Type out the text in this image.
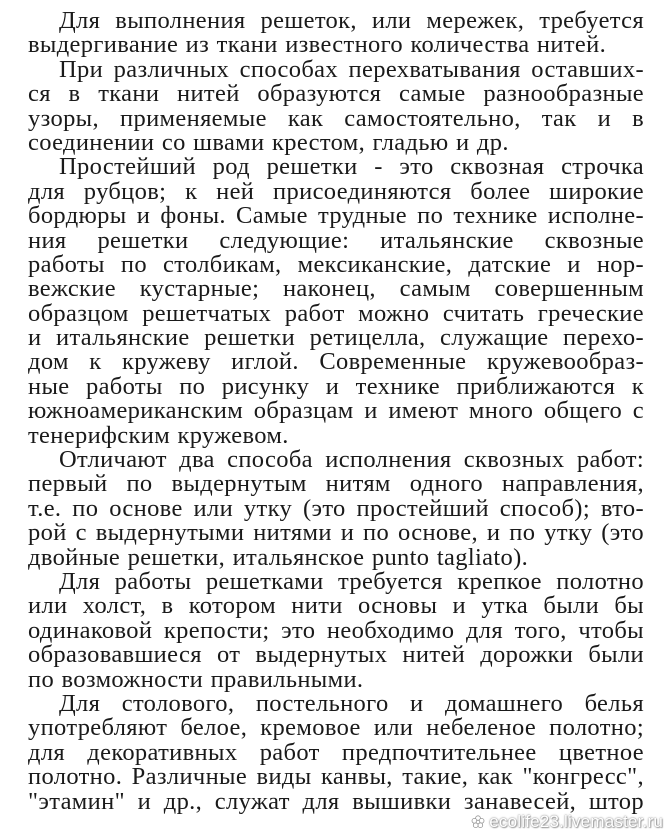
Для выполнения решеток, или мережек, требуется
выдергивание из ткани известного количества нитей.
При различных способах перехватывания оставших-
ся в ткани нитей образуются самые разнообразные
узоры, применяемые как самостоятельно, так и в
соединении со швами крестом, гладью и др.
Простейший род решетки - это сквозная строчка
для рубцов; к ней присоединяются более широкие
бордюры и фоны. Самые трудные по технике исполне-
ния решетки следующие: итальянские сквозные
работы по столбикам, мексиканские, датские и нор-
вежские кустарные; наконец, самым совершенным
образцом решетчатых работ можно считать греческие
и итальянские решетки ретицелла, служащие перехо-
дом к кружеву иглой. Современные кружевообраз-
ные работы по рисунку и технике приближаются к
южноамериканским образцам и имеют много общего с
тенерифским кружевом.
Отличают два способа исполнения сквозных работ:
первый по выдернутым нитям одного направления,
т.е. по основе или утку (это простейший способ); вто-
рой с выдернутыми нитями и по основе, и по утку (это
двойные решетки, итальянское punto tagliato).
Для работы решетками требуется крепкое полотно
или холст, в котором нити основы и утка были бы
одинаковой крепости; это необходимо для того, чтобы
образовавшиеся от выдернутых нитей дорожки были
по возможности правильными.
Для столового, постельного и домашнего белья
употребляют белое, кремовое или небеленое полотно;
для декоративных работ предпочтительнее цветное
полотно. Различные виды канвы, такие, как "конгресс",
"этамин" и др., служат для вышивки занавесей, штор
ecolife23.livemaster.ru
